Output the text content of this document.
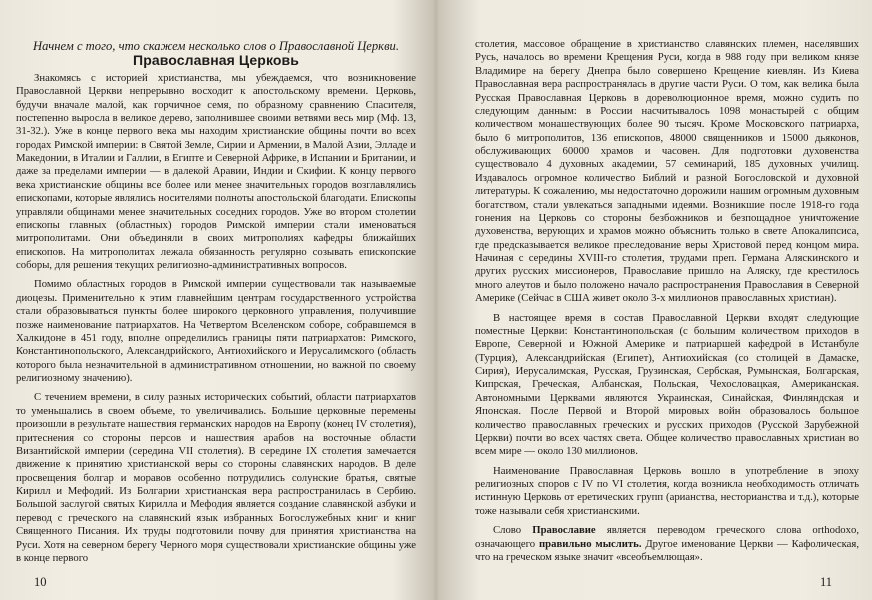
Начнем с того, что скажем несколько слов о Православной Церкви.
Православная Церковь

Знакомясь с историей христианства, мы убеждаемся, что возникновение Православной Церкви непрерывно восходит к апостольскому времени. Церковь, будучи вначале малой, как горчичное семя, по образному сравнению Спасителя, постепенно выросла в великое дерево, заполнившее своими ветвями весь мир (Мф. 13, 31-32.). Уже в конце первого века мы находим христианские общины почти во всех городах Римской империи: в Святой Земле, Сирии и Армении, в Малой Азии, Элладе и Македонии, в Италии и Галлии, в Египте и Северной Африке, в Испании и Британии, и даже за пределами империи — в далекой Аравии, Индии и Скифии. К концу первого века христианские общины все более или менее значительных городов возглавлялись епископами, которые являлись носителями полноты апостольской благодати. Епископы управляли общинами менее значительных соседних городов. Уже во втором столетии епископы главных (областных) городов Римской империи стали именоваться митрополитами. Они объединяли в своих митрополиях кафедры ближайших епископов. На митрополитах лежала обязанность регулярно созывать епископские соборы, для решения текущих религиозно-административных вопросов.

Помимо областных городов в Римской империи существовали так называемые диоцезы. Применительно к этим главнейшим центрам государственного устройства стали образовываться пункты более широкого церковного управления, получившие позже наименование патриархатов. На Четвертом Вселенском соборе, собравшемся в Халкидоне в 451 году, вполне определились границы пяти патриархатов: Римского, Константинопольского, Александрийского, Антиохийского и Иерусалимского (область которого была незначительной в административном отношении, но важной по своему религиозному значению).

С течением времени, в силу разных исторических событий, области патриархатов то уменьшались в своем объеме, то увеличивались. Большие церковные перемены произошли в результате нашествия германских народов на Европу (конец IV столетия), притеснения со стороны персов и нашествия арабов на восточные области Византийской империи (середина VII столетия). В середине IX столетия замечается движение к принятию христианской веры со стороны славянских народов. В деле просвещения болгар и моравов особенно потрудились солунские братья, святые Кирилл и Мефодий. Из Болгарии христианская вера распространилась в Сербию. Большой заслугой святых Кирилла и Мефодия является создание славянской азбуки и перевод с греческого на славянский язык избранных Богослужебных книг и книг Священного Писания. Их труды подготовили почву для принятия христианства на Руси. Хотя на северном берегу Черного моря существовали христианские общины уже в конце первого

10

столетия, массовое обращение в христианство славянских племен, населявших Русь, началось во времени Крещения Руси, когда в 988 году при великом князе Владимире на берегу Днепра было совершено Крещение киевлян. Из Киева Православная вера распространялась в другие части Руси. О том, как велика была Русская Православная Церковь в дореволюционное время, можно судить по следующим данным: в России насчитывалось 1098 монастырей с общим количеством монашествующих более 90 тысяч. Кроме Московского патриарха, было 6 митрополитов, 136 епископов, 48000 священников и 15000 дьяконов, обслуживающих 60000 храмов и часовен. Для подготовки духовенства существовало 4 духовных академии, 57 семинарий, 185 духовных училищ. Издавалось огромное количество Библий и разной Богословской и духовной литературы. К сожалению, мы недостаточно дорожили нашим огромным духовным богатством, стали увлекаться западными идеями. Возникшие после 1918-го года гонения на Церковь со стороны безбожников и безпощадное уничтожение духовенства, верующих и храмов можно объяснить только в свете Апокалипсиса, где предсказывается великое преследование веры Христовой перед концом мира. Начиная с середины XVIII-го столетия, трудами преп. Германа Аляскинского и других русских миссионеров, Православие пришло на Аляску, где крестилось много алеутов и было положено начало распространения Православия в Северной Америке (Сейчас в США живет около 3-х миллионов православных христиан).

В настоящее время в состав Православной Церкви входят следующие поместные Церкви: Константинопольская (с большим количеством приходов в Европе, Северной и Южной Америке и патриаршей кафедрой в Истанбуле (Турция), Александрийская (Египет), Антиохийская (со столицей в Дамаске, Сирия), Иерусалимская, Русская, Грузинская, Сербская, Румынская, Болгарская, Кипрская, Греческая, Албанская, Польская, Чехословацкая, Американская. Автономными Церквами являются Украинская, Синайская, Финляндская и Японская. После Первой и Второй мировых войн образовалось большое количество православных греческих и русских приходов (Русской Зарубежной Церкви) почти во всех частях света. Общее количество православных христиан во всем мире — около 130 миллионов.

Наименование Православная Церковь вошло в употребление в эпоху религиозных споров с IV по VI столетия, когда возникла необходимость отличать истинную Церковь от еретических групп (арианства, несторианства и т.д.), которые тоже называли себя христианскими.

Слово Православие является переводом греческого слова orthodoxо, означающего правильно мыслить. Другое именование Церкви — Кафолическая, что на греческом языке значит «всеобъемлющая».

11
